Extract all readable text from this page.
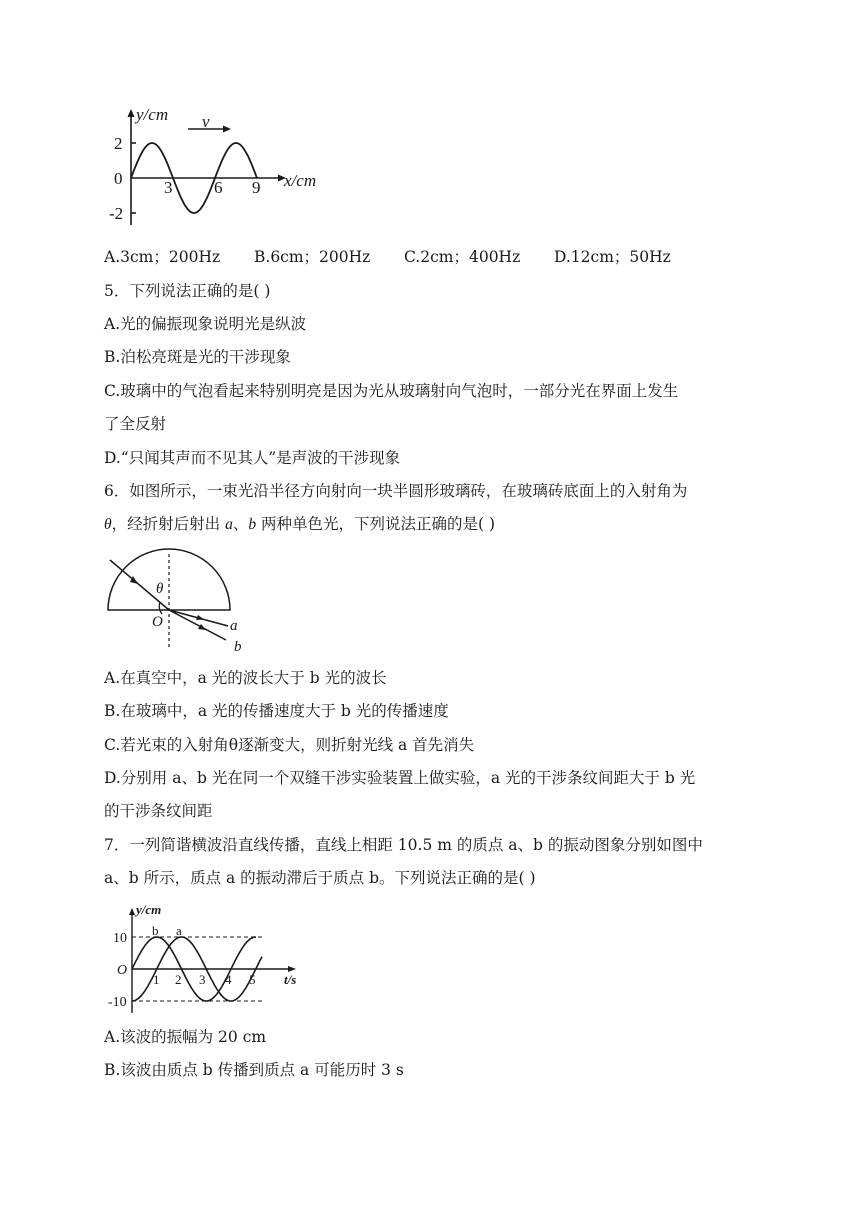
y/cm v
2
0
-2
3 6 9 x/cm
A.3cm；200Hz B.6cm；200Hz C.2cm；400Hz D.12cm；50Hz
5．下列说法正确的是( )
A.光的偏振现象说明光是纵波
B.泊松亮斑是光的干涉现象
C.玻璃中的气泡看起来特别明亮是因为光从玻璃射向气泡时，一部分光在界面上发生
了全反射
D.“只闻其声而不见其人”是声波的干涉现象
6．如图所示，一束光沿半径方向射向一块半圆形玻璃砖，在玻璃砖底面上的入射角为
θ，经折射后射出 a、b 两种单色光，下列说法正确的是( )
θ
O	a
b
A.在真空中，a 光的波长大于 b 光的波长
B.在玻璃中，a 光的传播速度大于 b 光的传播速度
C.若光束的入射角θ逐渐变大，则折射光线 a 首先消失
D.分别用 a、b 光在同一个双缝干涉实验装置上做实验，a 光的干涉条纹间距大于 b 光
的干涉条纹间距
7．一列简谐横波沿直线传播，直线上相距 10.5 m 的质点 a、b 的振动图象分别如图中
a、b 所示，质点 a 的振动滞后于质点 b。下列说法正确的是( )
y/cm
10
O
-10
b a
1 2 3 4 5 t/s
A.该波的振幅为 20 cm
B.该波由质点 b 传播到质点 a 可能历时 3 s
